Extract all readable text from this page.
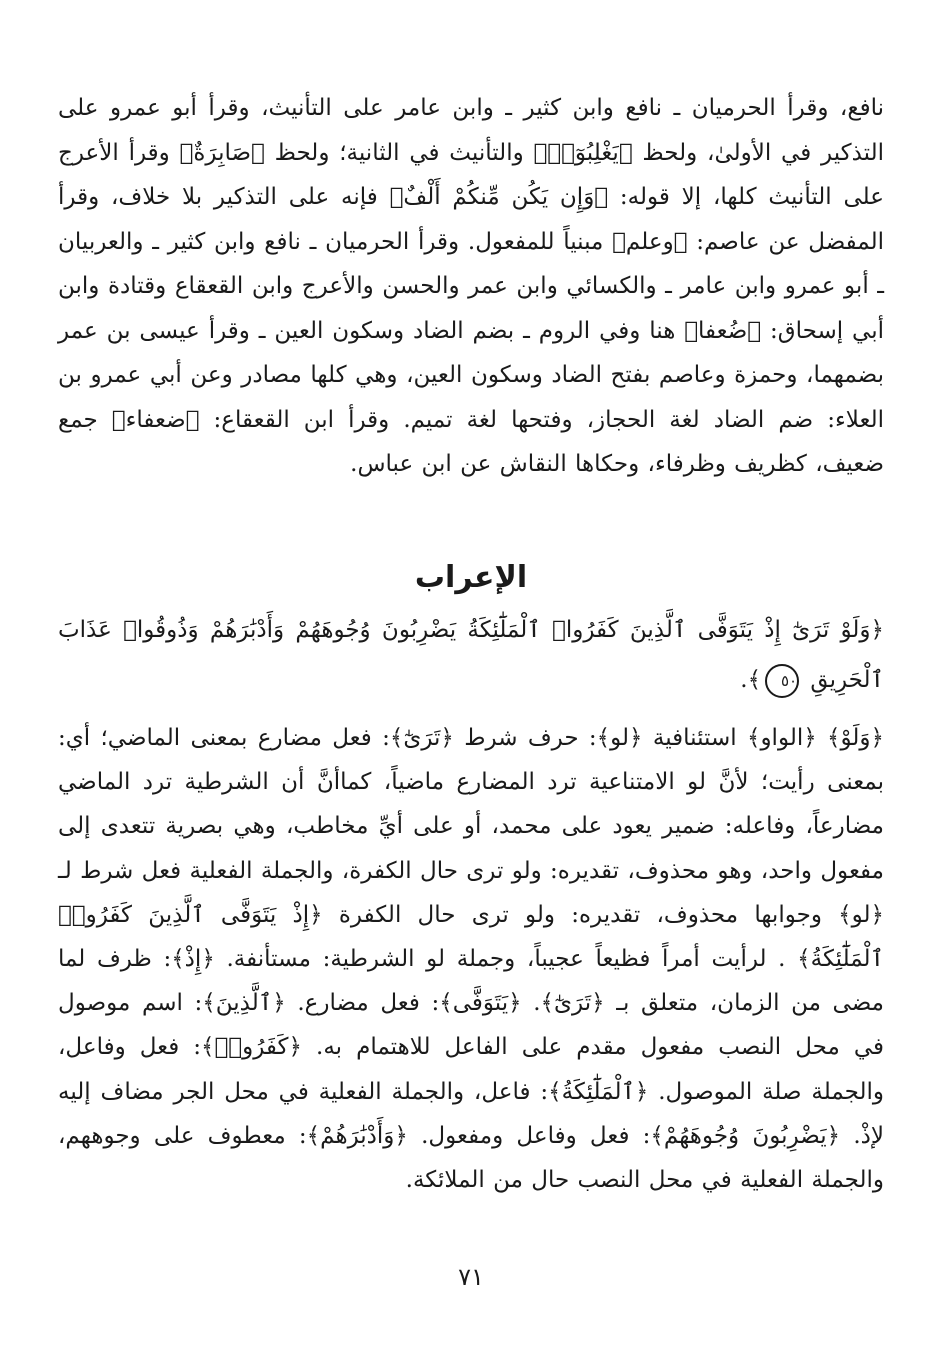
نافع، وقرأ الحرميان ـ نافع وابن كثير ـ وابن عامر على التأنيث، وقرأ أبو عمرو على التذكير في الأولىٰ، ولحظ ﴿يَغْلِبُوٓا۟﴾ والتأنيث في الثانية؛ ولحظ ﴿صَابِرَةٌ﴾ وقرأ الأعرج على التأنيث كلها، إلا قوله: ﴿وَإِن يَكُن مِّنكُمْ أَلْفٌ﴾ فإنه على التذكير بلا خلاف، وقرأ المفضل عن عاصم: ﴿وعلم﴾ مبنياً للمفعول. وقرأ الحرميان ـ نافع وابن كثير ـ والعربيان ـ أبو عمرو وابن عامر ـ والكسائي وابن عمر والحسن والأعرج وابن القعقاع وقتادة وابن أبي إسحاق: ﴿ضُعفا﴾ هنا وفي الروم ـ بضم الضاد وسكون العين ـ وقرأ عيسى بن عمر بضمهما، وحمزة وعاصم بفتح الضاد وسكون العين، وهي كلها مصادر وعن أبي عمرو بن العلاء: ضم الضاد لغة الحجاز، وفتحها لغة تميم. وقرأ ابن القعقاع: ﴿ضعفاء﴾ جمع ضعيف، كظريف وظرفاء، وحكاها النقاش عن ابن عباس.

الإعراب

﴿وَلَوْ تَرَىٰٓ إِذْ يَتَوَفَّى ٱلَّذِينَ كَفَرُوا۟ ٱلْمَلَٰٓئِكَةُ يَضْرِبُونَ وُجُوهَهُمْ وَأَدْبَٰرَهُمْ وَذُوقُوا۟ عَذَابَ ٱلْحَرِيقِ ٥٠﴾.

﴿وَلَوْ﴾ ﴿الواو﴾ استئنافية ﴿لو﴾: حرف شرط ﴿تَرَىٰٓ﴾: فعل مضارع بمعنى الماضي؛ أي: بمعنى رأيت؛ لأنَّ لو الامتناعية ترد المضارع ماضياً، كماأنَّ أن الشرطية ترد الماضي مضارعاً، وفاعله: ضمير يعود على محمد، أو على أيِّ مخاطب، وهي بصرية تتعدى إلى مفعول واحد، وهو محذوف، تقديره: ولو ترى حال الكفرة، والجملة الفعلية فعل شرط لـ ﴿لو﴾ وجوابها محذوف، تقديره: ولو ترى حال الكفرة ﴿إِذْ يَتَوَفَّى ٱلَّذِينَ كَفَرُوا۟ ٱلْمَلَٰٓئِكَةُ﴾ . لرأيت أمراً فظيعاً عجيباً، وجملة لو الشرطية: مستأنفة. ﴿إِذْ﴾: ظرف لما مضى من الزمان، متعلق بـ ﴿تَرَىٰٓ﴾. ﴿يَتَوَفَّى﴾: فعل مضارع. ﴿ٱلَّذِينَ﴾: اسم موصول في محل النصب مفعول مقدم على الفاعل للاهتمام به. ﴿كَفَرُوا۟﴾: فعل وفاعل، والجملة صلة الموصول. ﴿ٱلْمَلَٰٓئِكَةُ﴾: فاعل، والجملة الفعلية في محل الجر مضاف إليه لإذْ. ﴿يَضْرِبُونَ وُجُوهَهُمْ﴾: فعل وفاعل ومفعول. ﴿وَأَدْبَٰرَهُمْ﴾: معطوف على وجوههم، والجملة الفعلية في محل النصب حال من الملائكة.

٧١
